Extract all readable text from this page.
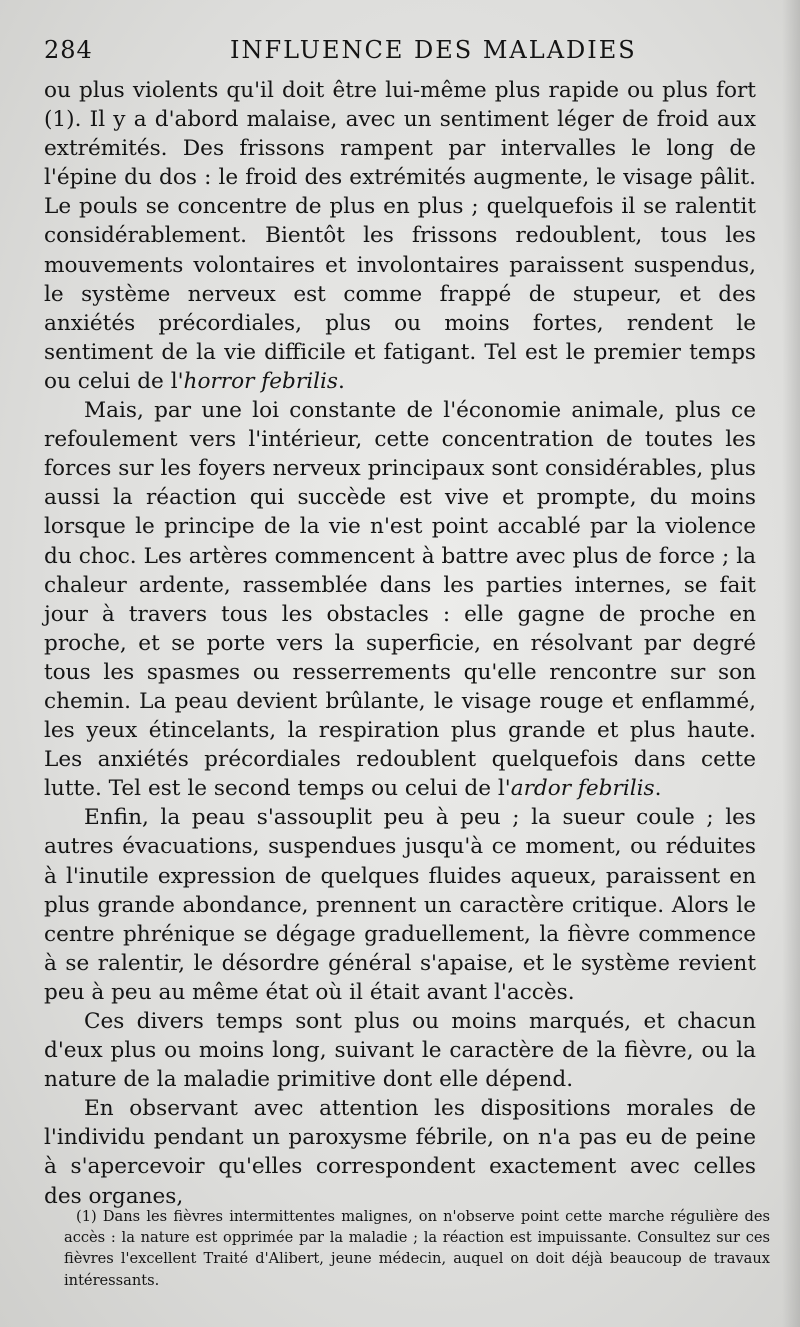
284	INFLUENCE DES MALADIES

ou plus violents qu'il doit être lui-même plus rapide ou plus fort (1). Il y a d'abord malaise, avec un sentiment léger de froid aux extrémités. Des frissons rampent par intervalles le long de l'épine du dos : le froid des extrémités augmente, le visage pâlit. Le pouls se concentre de plus en plus ; quelquefois il se ralentit considérablement. Bientôt les frissons redoublent, tous les mouvements volontaires et involontaires paraissent suspendus, le système nerveux est comme frappé de stupeur, et des anxiétés précordiales, plus ou moins fortes, rendent le sentiment de la vie difficile et fatigant. Tel est le premier temps ou celui de l'horror febrilis.

Mais, par une loi constante de l'économie animale, plus ce refoulement vers l'intérieur, cette concentration de toutes les forces sur les foyers nerveux principaux sont considérables, plus aussi la réaction qui succède est vive et prompte, du moins lorsque le principe de la vie n'est point accablé par la violence du choc. Les artères commencent à battre avec plus de force ; la chaleur ardente, rassemblée dans les parties internes, se fait jour à travers tous les obstacles : elle gagne de proche en proche, et se porte vers la superficie, en résolvant par degré tous les spasmes ou resserrements qu'elle rencontre sur son chemin. La peau devient brûlante, le visage rouge et enflammé, les yeux étincelants, la respiration plus grande et plus haute. Les anxiétés précordiales redoublent quelquefois dans cette lutte. Tel est le second temps ou celui de l'ardor febrilis.

Enfin, la peau s'assouplit peu à peu ; la sueur coule ; les autres évacuations, suspendues jusqu'à ce moment, ou réduites à l'inutile expression de quelques fluides aqueux, paraissent en plus grande abondance, prennent un caractère critique. Alors le centre phrénique se dégage graduellement, la fièvre commence à se ralentir, le désordre général s'apaise, et le système revient peu à peu au même état où il était avant l'accès.

Ces divers temps sont plus ou moins marqués, et chacun d'eux plus ou moins long, suivant le caractère de la fièvre, ou la nature de la maladie primitive dont elle dépend.

En observant avec attention les dispositions morales de l'individu pendant un paroxysme fébrile, on n'a pas eu de peine à s'apercevoir qu'elles correspondent exactement avec celles des organes,

(1) Dans les fièvres intermittentes malignes, on n'observe point cette marche régulière des accès : la nature est opprimée par la maladie ; la réaction est impuissante. Consultez sur ces fièvres l'excellent Traité d'Alibert, jeune médecin, auquel on doit déjà beaucoup de travaux intéressants.
